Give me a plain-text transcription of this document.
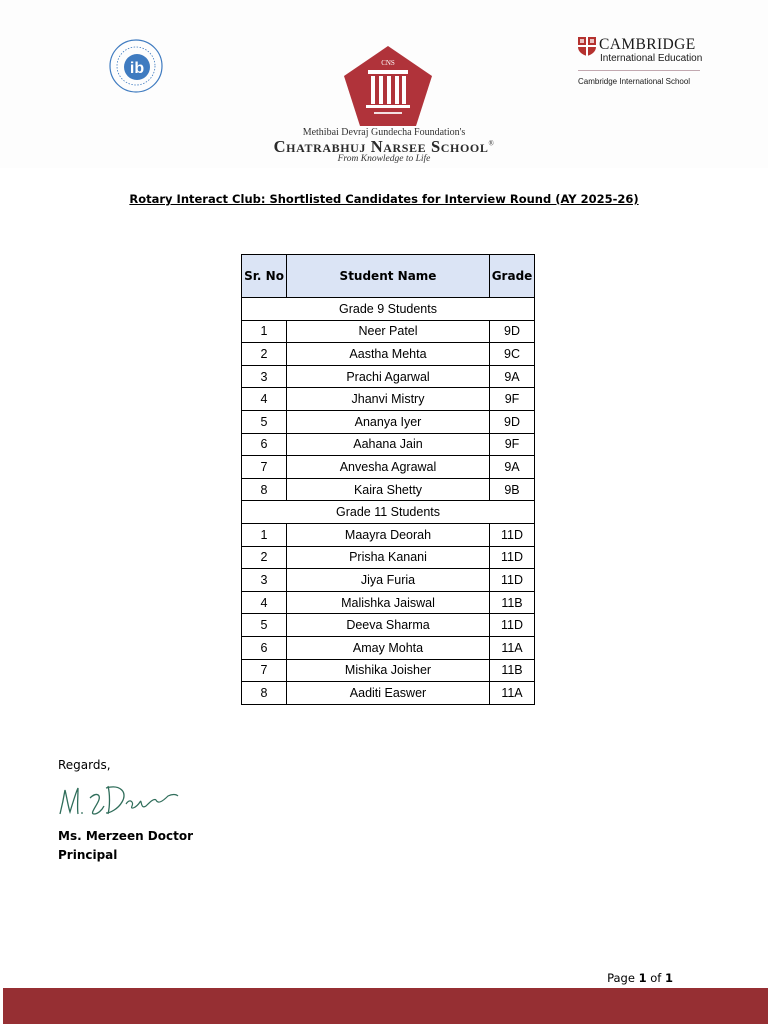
ib	CNS
Methibai Devraj Gundecha Foundation's
Chatrabhuj Narsee School®
From Knowledge to Life
CAMBRIDGE
International Education
Cambridge International School
Rotary Interact Club: Shortlisted Candidates for Interview Round (AY 2025-26)
Sr. No	Student Name	Grade
Grade 9 Students		
1	Neer Patel	9D
2	Aastha Mehta	9C
3	Prachi Agarwal	9A
4	Jhanvi Mistry	9F
5	Ananya Iyer	9D
6	Aahana Jain	9F
7	Anvesha Agrawal	9A
8	Kaira Shetty	9B
Grade 11 Students		
1	Maayra Deorah	11D
2	Prisha Kanani	11D
3	Jiya Furia	11D
4	Malishka Jaiswal	11B
5	Deeva Sharma	11D
6	Amay Mohta	11A
7	Mishika Joisher	11B
8	Aaditi Easwer	11A
Regards,
Ms. Merzeen Doctor
Principal
Page 1 of 1
